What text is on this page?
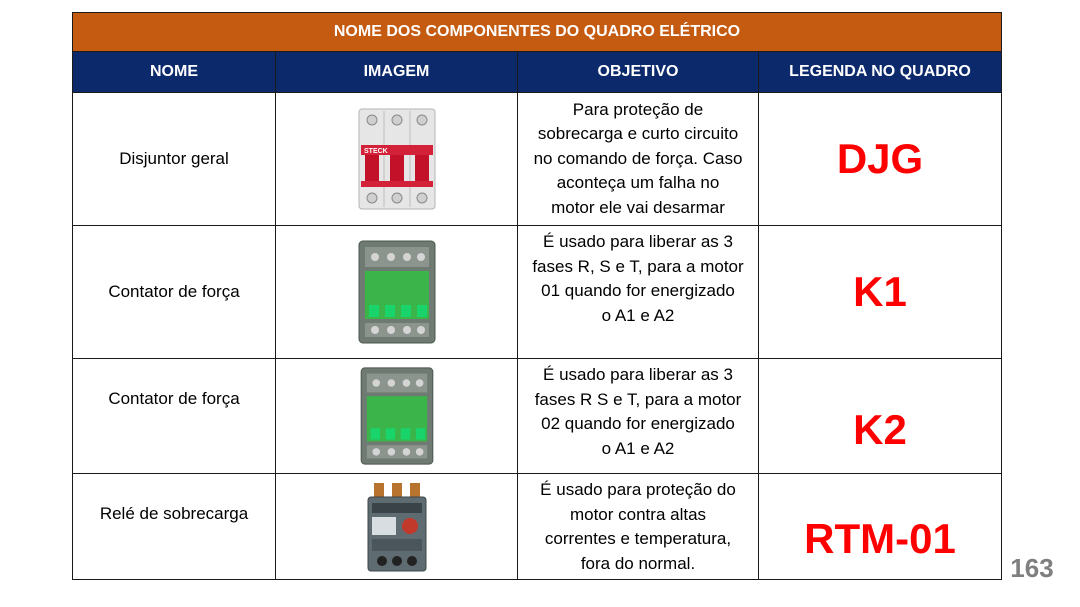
NOME DOS COMPONENTES DO QUADRO ELÉTRICO			
NOME	IMAGEM	OBJETIVO	LEGENDA NO QUADRO
Disjuntor geral	STECK	Para proteção de
sobrecarga e curto circuito
no comando de força. Caso
aconteça um falha no
motor ele vai desarmar	DJG
Contator de força		É usado para liberar as 3
fases R, S e T, para a motor
01 quando for energizado
o A1 e A2	K1
Contator de força		É usado para liberar as 3
fases R S e T, para a motor
02 quando for energizado
o A1 e A2	K2
Relé de sobrecarga		É usado para proteção do
motor contra altas
correntes e temperatura,
fora do normal.	RTM-01
163
